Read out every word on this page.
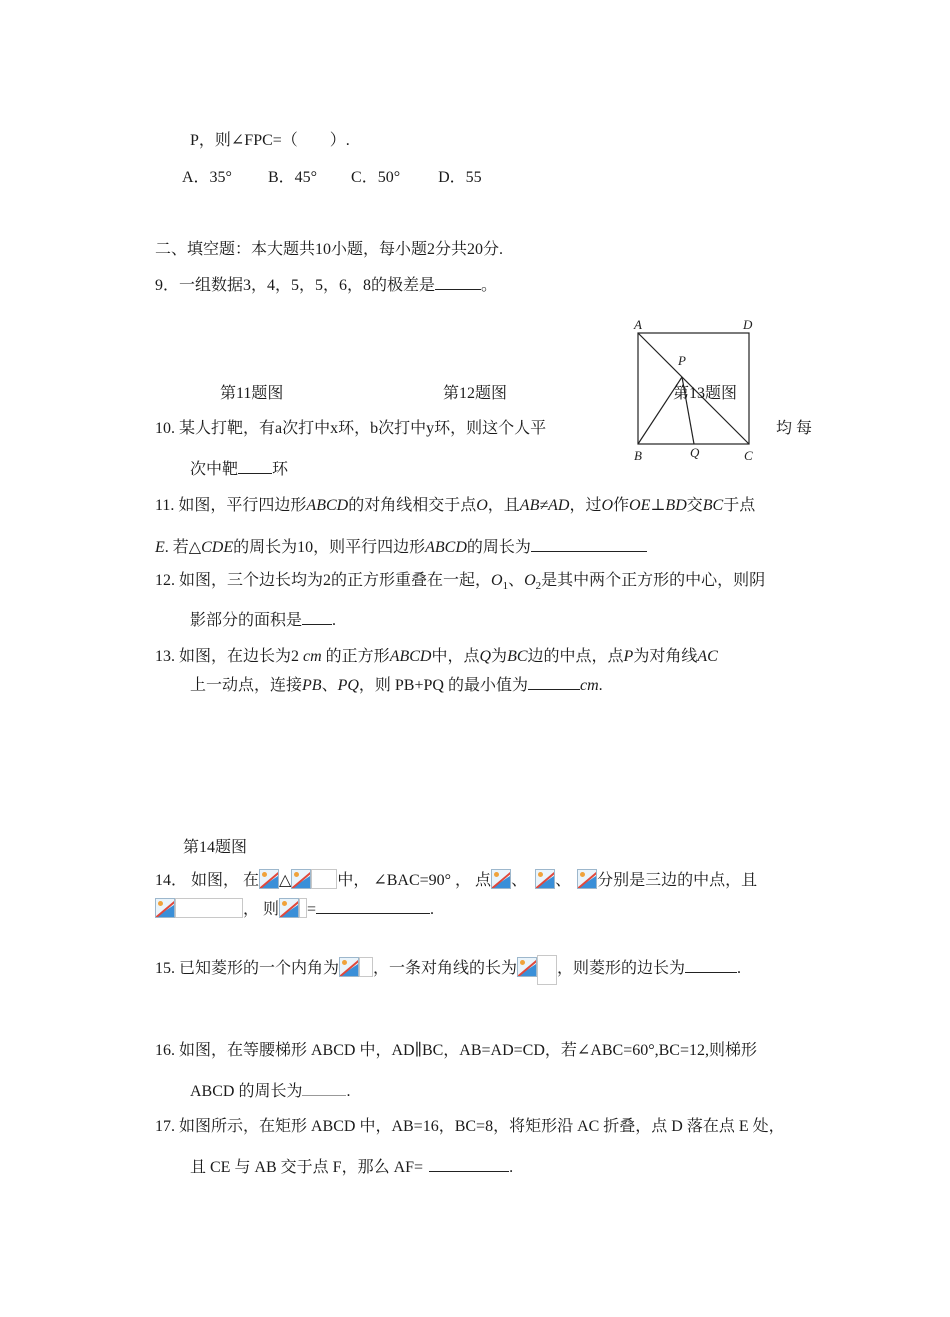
P，则∠FPC=（　　）.
A．35° B．45° C．50° D．55
二、填空题：本大题共10小题，每小题2分共20分.
9．一组数据3，4，5，5，6，8的极差是	。
A	D
P
B	Q	C
第11题图	第12题图	第13题图
10. 某人打靶，有a次打中x环，b次打中y环，则这个人平	均 每
次中靶 环
11. 如图，平行四边形ABCD的对角线相交于点O，且AB≠AD，过O作OE⊥BD交BC于点
E. 若△CDE的周长为10，则平行四边形ABCD的周长为
12. 如图，三个边长均为2的正方形重叠在一起，$O_1$、$O_2$是其中两个正方形的中心，则阴
影部分的面积是 .
13. 如图，在边长为2 cm 的正方形ABCD中，点Q为BC边的中点，点P为对角线AC
上一动点，连接PB、PQ，则 PB+PQ 的最小值为	cm.
第14题图
14． 如图， 在 △	中， ∠BAC=90° ， 点 、 、 分别是三边的中点，且
， 则 =	.
15. 已知菱形的一个内角为 ，一条对角线的长为	，则菱形的边长为	.
16. 如图，在等腰梯形 ABCD 中，AD∥BC，AB=AD=CD，若∠ABC=60°,BC=12,则梯形
ABCD 的周长为	.
17. 如图所示，在矩形 ABCD 中，AB=16，BC=8，将矩形沿 AC 折叠，点 D 落在点 E 处，
且 CE 与 AB 交于点 F，那么 AF=	.
